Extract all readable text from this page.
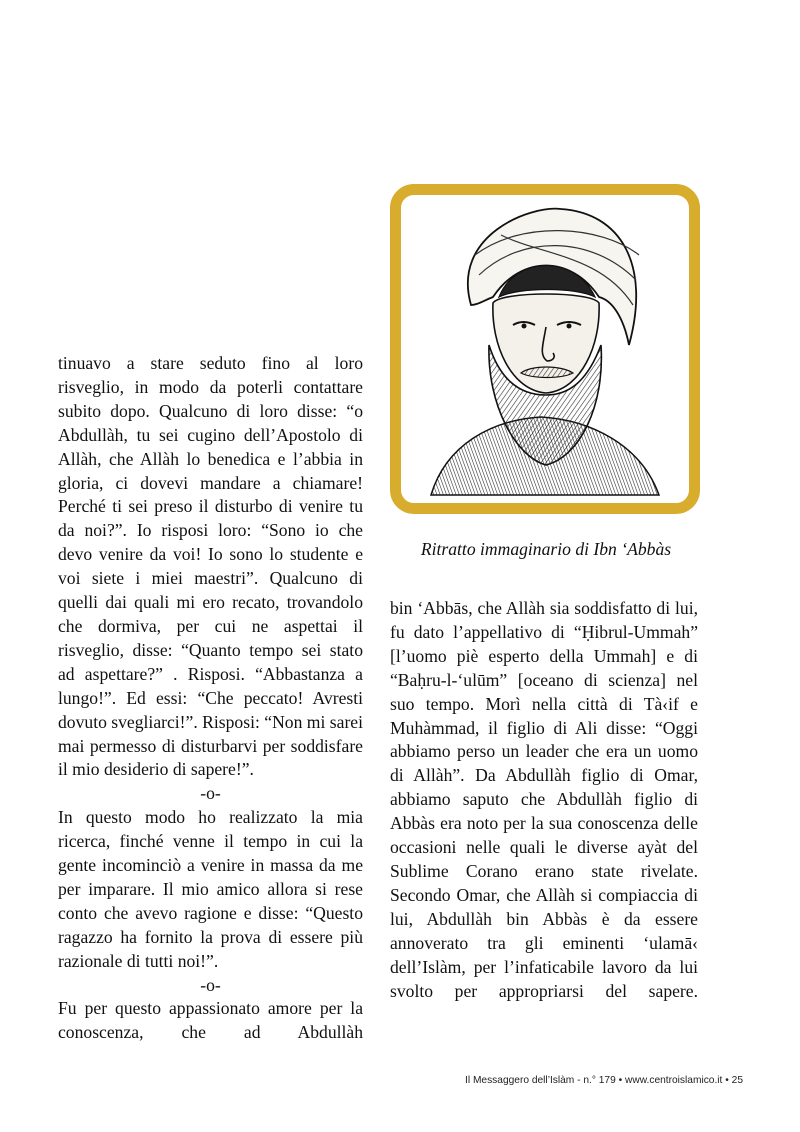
tinuavo a stare seduto fino al loro risveglio, in modo da poterli contattare subito dopo. Qualcuno di loro disse: “o Abdullàh, tu sei cugino dell’Apostolo di Allàh, che Allàh lo benedica e l’abbia in gloria, ci dovevi mandare a chiamare! Perché ti sei preso il disturbo di venire tu da noi?”. Io risposi loro: “Sono io che devo venire da voi! Io sono lo studente e voi siete i miei maestri”. Qualcuno di quelli dai quali mi ero recato, trovandolo che dormiva, per cui ne aspettai il risveglio, disse: “Quanto tempo sei stato ad aspettare?” . Risposi. “Abbastanza a lungo!”. Ed essi: “Che peccato! Avresti dovuto svegliarci!”. Risposi: “Non mi sarei mai permesso di disturbarvi per soddisfare il mio desiderio di sapere!”.

-o-

In questo modo ho realizzato la mia ricerca, finché venne il tempo in cui la gente incominciò a venire in massa da me per imparare. Il mio amico allora si rese conto che avevo ragione e disse: “Questo ragazzo ha fornito la prova di essere più razionale di tutti noi!”.

-o-

Fu per questo appassionato amore per la conoscenza, che ad Abdullàh

Ritratto immaginario di Ibn ‘Abbàs

bin ‘Abbās, che Allàh sia soddisfatto di lui, fu dato l’appellativo di “Ḥibrul-Ummah” [l’uomo piè esperto della Ummah] e di “Baḥru-l-‘ulūm” [oceano di scienza] nel suo tempo. Morì nella città di Tà‹if e Muhàmmad, il figlio di Ali disse: “Oggi abbiamo perso un leader che era un uomo di Allàh”. Da Abdullàh figlio di Omar, abbiamo saputo che Abdullàh figlio di Abbàs era noto per la sua conoscenza delle occasioni nelle quali le diverse ayàt del Sublime Corano erano state rivelate. Secondo Omar, che Allàh si compiaccia di lui, Abdullàh bin Abbàs è da essere annoverato tra gli eminenti ‘ulamā‹ dell’Islàm, per l’infaticabile lavoro da lui svolto per appropriarsi del sapere.

Il Messaggero dell’Islàm - n.° 179 • www.centroislamico.it • 25
